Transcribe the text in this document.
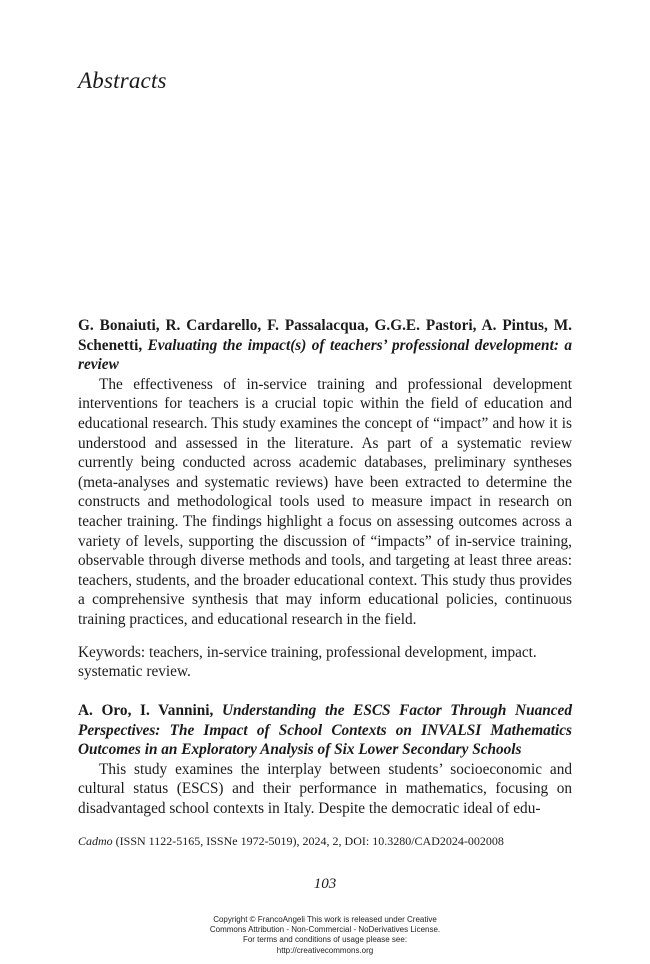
Abstracts

G. Bonaiuti, R. Cardarello, F. Passalacqua, G.G.E. Pastori, A. Pintus, M. Schenetti, Evaluating the impact(s) of teachers’ professional development: a review

The effectiveness of in-service training and professional development interventions for teachers is a crucial topic within the field of education and educational research. This study examines the concept of “impact” and how it is understood and assessed in the literature. As part of a systematic review currently being conducted across academic databases, preliminary syntheses (meta-analyses and systematic reviews) have been extracted to determine the constructs and methodological tools used to measure impact in research on teacher training. The findings highlight a focus on assessing outcomes across a variety of levels, supporting the discussion of “impacts” of in-service training, observable through diverse methods and tools, and targeting at least three areas: teachers, students, and the broader educational context. This study thus provides a comprehensive synthesis that may inform educational policies, continuous training practices, and educational research in the field.

Keywords: teachers, in-service training, professional development, impact. systematic review.

A. Oro, I. Vannini, Understanding the ESCS Factor Through Nuanced Perspectives: The Impact of School Contexts on INVALSI Mathematics Outcomes in an Exploratory Analysis of Six Lower Secondary Schools

This study examines the interplay between students’ socioeconomic and cultural status (ESCS) and their performance in mathematics, focusing on disadvantaged school contexts in Italy. Despite the democratic ideal of edu-

Cadmo (ISSN 1122-5165, ISSNe 1972-5019), 2024, 2, DOI: 10.3280/CAD2024-002008

103

Copyright © FrancoAngeli This work is released under Creative
Commons Attribution - Non-Commercial - NoDerivatives License.
For terms and conditions of usage please see:
http://creativecommons.org
